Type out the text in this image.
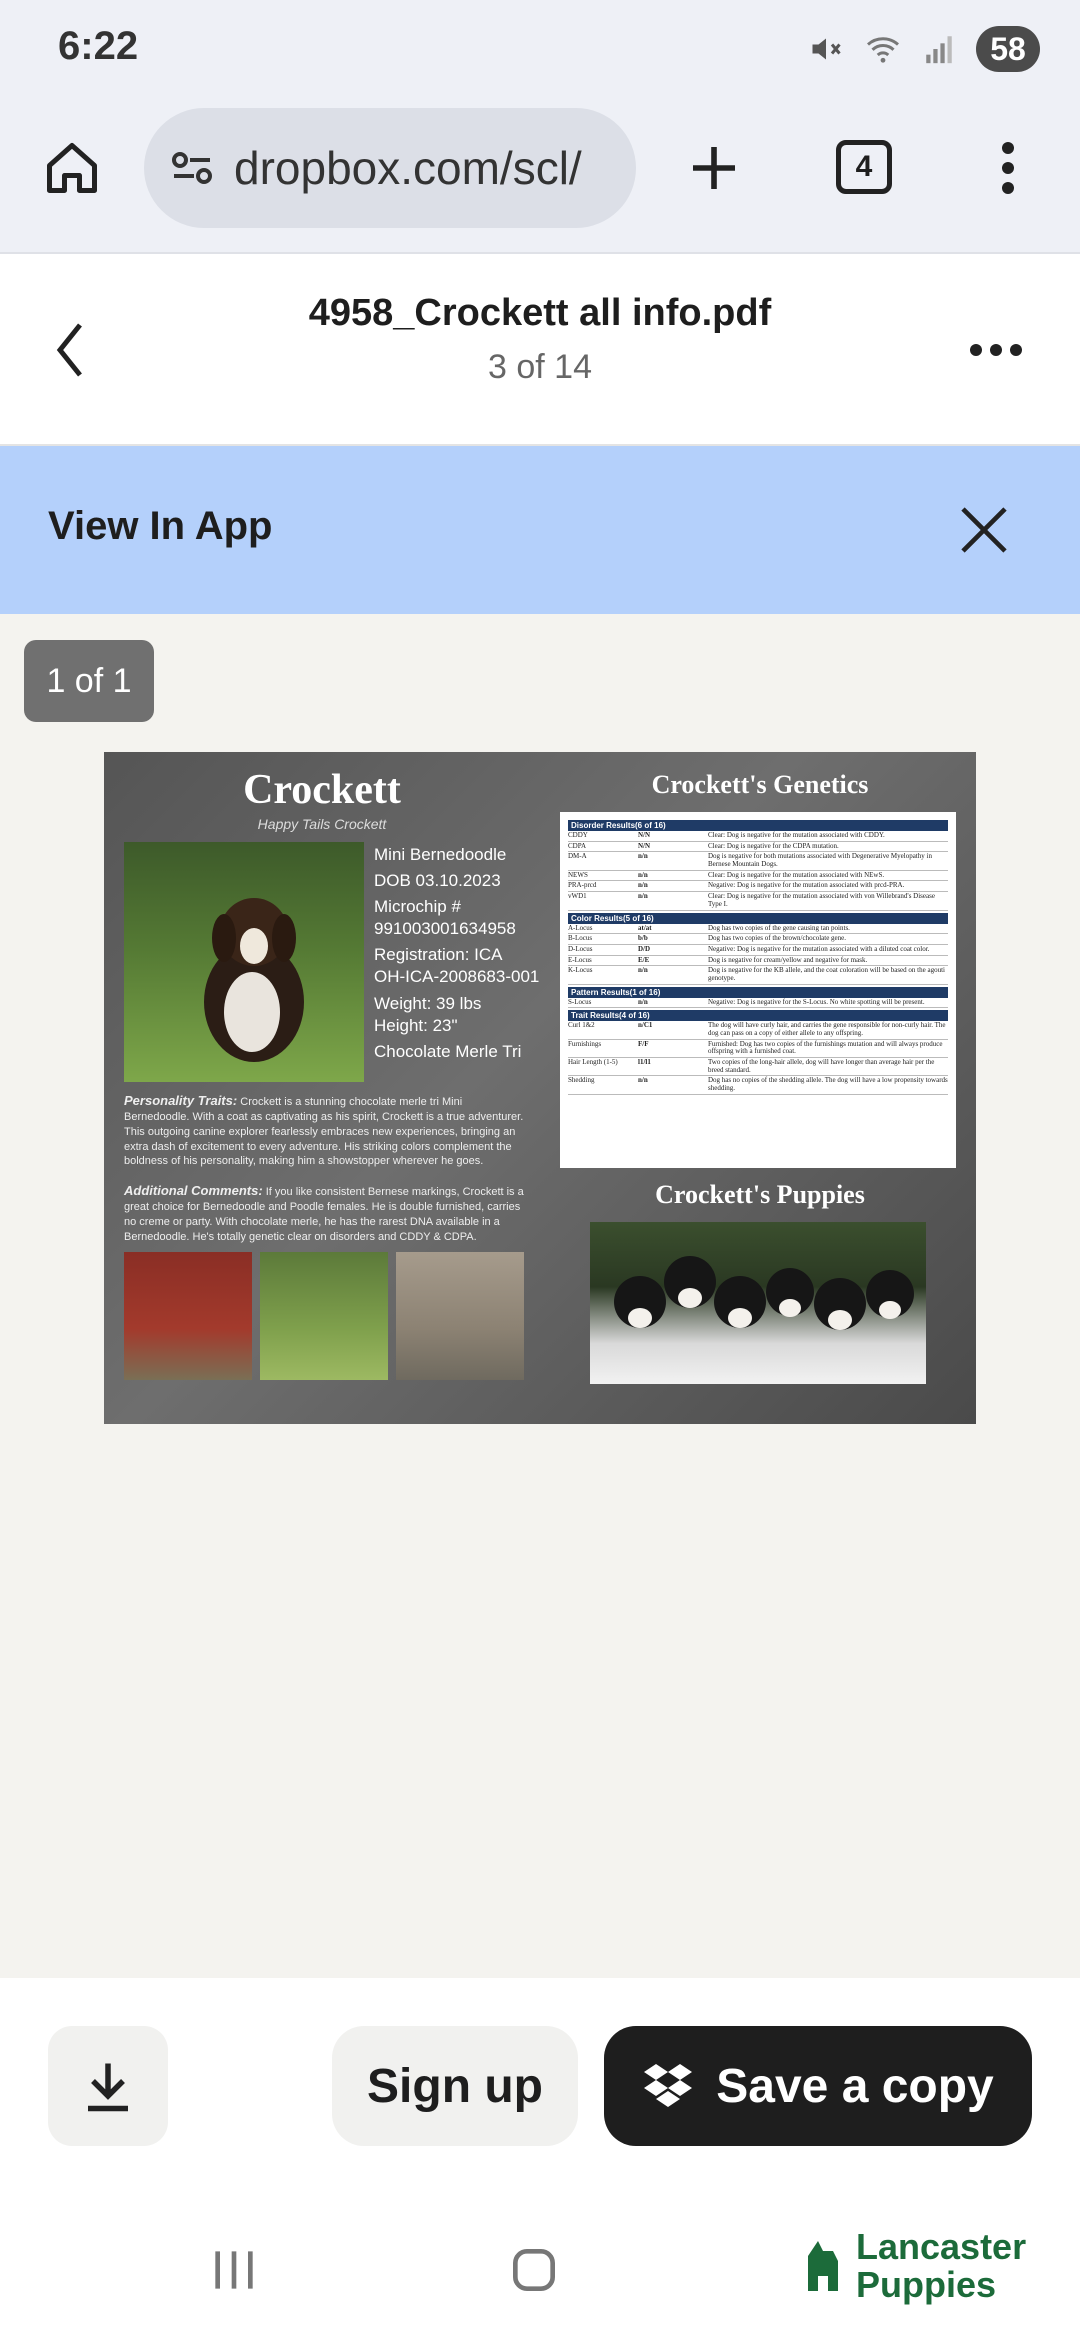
6:22	58
dropbox.com/scl/	4
4958_Crockett all info.pdf
3 of 14
View In App
1 of 1
Crockett
Happy Tails Crockett
Mini Bernedoodle
DOB 03.10.2023
Microchip #
991003001634958
Registration: ICA
OH-ICA-2008683-001
Weight: 39 lbs
Height: 23"
Chocolate Merle Tri
Personality Traits: Crockett is a stunning chocolate merle tri Mini Bernedoodle. With a coat as captivating as his spirit, Crockett is a true adventurer. This outgoing canine explorer fearlessly embraces new experiences, bringing an extra dash of excitement to every adventure. His striking colors complement the boldness of his personality, making him a showstopper wherever he goes.
Additional Comments: If you like consistent Bernese markings, Crockett is a great choice for Bernedoodle and Poodle females. He is double furnished, carries no creme or party. With chocolate merle, he has the rarest DNA available in a Bernedoodle. He's totally genetic clear on disorders and CDDY & CDPA.
Crockett's Genetics
Disorder Results(6 of 16)
CDDY	N/N	Clear: Dog is negative for the mutation associated with CDDY.
CDPA	N/N	Clear: Dog is negative for the CDPA mutation.
DM-A	n/n	Dog is negative for both mutations associated with Degenerative Myelopathy in Bernese Mountain Dogs.
NEWS	n/n	Clear: Dog is negative for the mutation associated with NEwS.
PRA-prcd	n/n	Negative: Dog is negative for the mutation associated with prcd-PRA.
vWD1	n/n	Clear: Dog is negative for the mutation associated with von Willebrand's Disease Type I.
Color Results(5 of 16)
A-Locus	at/at	Dog has two copies of the gene causing tan points.
B-Locus	b/b	Dog has two copies of the brown/chocolate gene.
D-Locus	D/D	Negative: Dog is negative for the mutation associated with a diluted coat color.
E-Locus	E/E	Dog is negative for cream/yellow and negative for mask.
K-Locus	n/n	Dog is negative for the KB allele, and the coat coloration will be based on the agouti genotype.
Pattern Results(1 of 16)
S-Locus	n/n	Negative: Dog is negative for the S-Locus. No white spotting will be present.
Trait Results(4 of 16)
Curl 1&2	n/C1	The dog will have curly hair, and carries the gene responsible for non-curly hair. The dog can pass on a copy of either allele to any offspring.
Furnishings	F/F	Furnished: Dog has two copies of the furnishings mutation and will always produce offspring with a furnished coat.
Hair Length (1-5)	l1/l1	Two copies of the long-hair allele, dog will have longer than average hair per the breed standard.
Shedding	n/n	Dog has no copies of the shedding allele. The dog will have a low propensity towards shedding.
Crockett's Puppies
Sign up	Save a copy
Lancaster
Puppies
